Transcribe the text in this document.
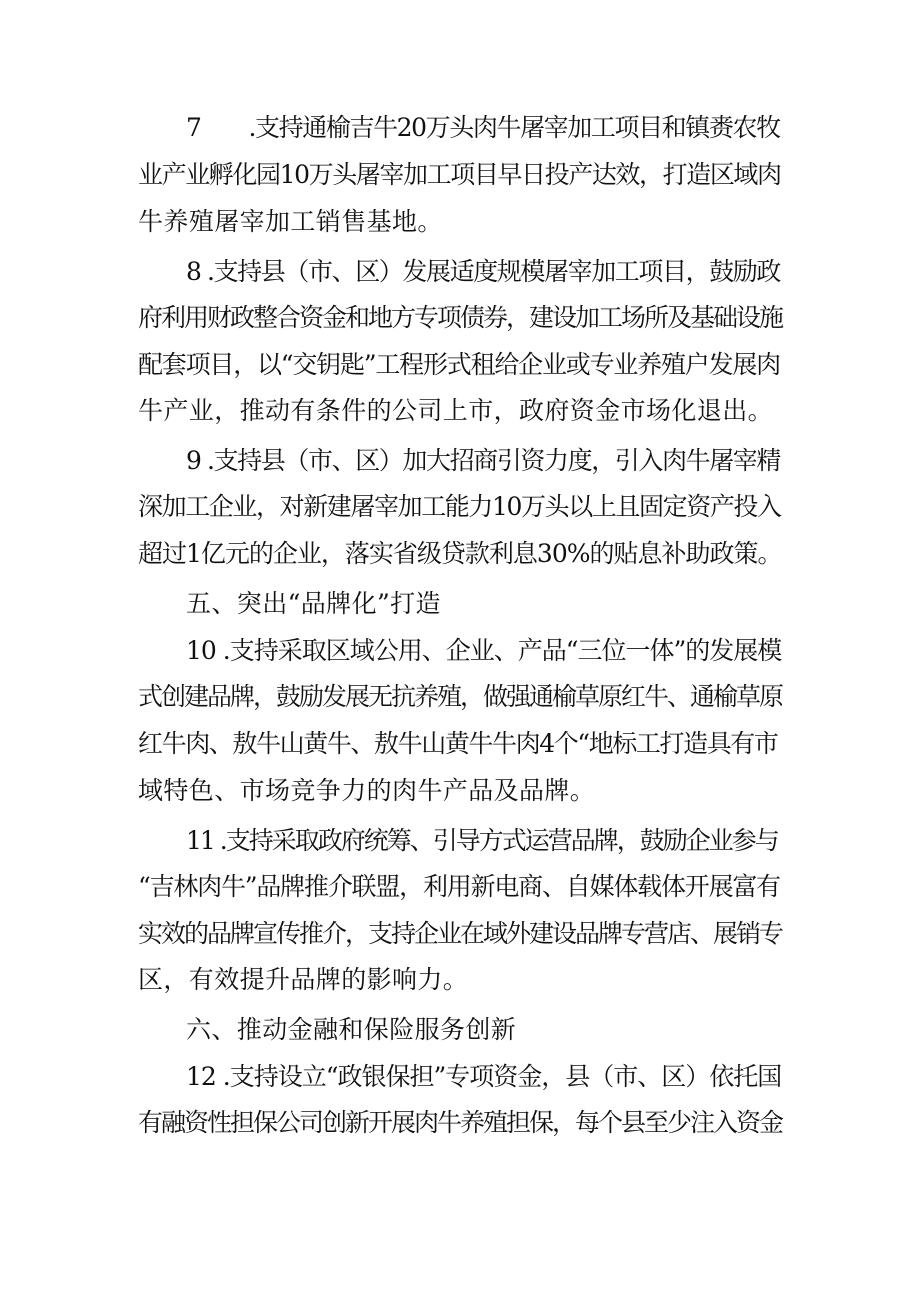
7 .支持通榆吉牛20万头肉牛屠宰加工项目和镇赉农牧
业产业孵化园10万头屠宰加工项目早日投产达效，打造区域肉
牛养殖屠宰加工销售基地。
8 .支持县（市、区）发展适度规模屠宰加工项目，鼓励政
府利用财政整合资金和地方专项债券，建设加工场所及基础设施
配套项目，以“交钥匙”工程形式租给企业或专业养殖户发展肉
牛产业，推动有条件的公司上市，政府资金市场化退出。
9 .支持县（市、区）加大招商引资力度，引入肉牛屠宰精
深加工企业，对新建屠宰加工能力10万头以上且固定资产投入
超过1亿元的企业，落实省级贷款利息30%的贴息补助政策。
五、突出“品牌化”打造
10 .支持采取区域公用、企业、产品“三位一体”的发展模
式创建品牌，鼓励发展无抗养殖，做强通榆草原红牛、通榆草原
红牛肉、敖牛山黄牛、敖牛山黄牛牛肉4个“地标工打造具有市
域特色、市场竞争力的肉牛产品及品牌。
11 .支持采取政府统筹、引导方式运营品牌，鼓励企业参与
“吉林肉牛”品牌推介联盟，利用新电商、自媒体载体开展富有
实效的品牌宣传推介，支持企业在域外建设品牌专营店、展销专
区，有效提升品牌的影响力。
六、推动金融和保险服务创新
12 .支持设立“政银保担”专项资金，县（市、区）依托国
有融资性担保公司创新开展肉牛养殖担保，每个县至少注入资金
